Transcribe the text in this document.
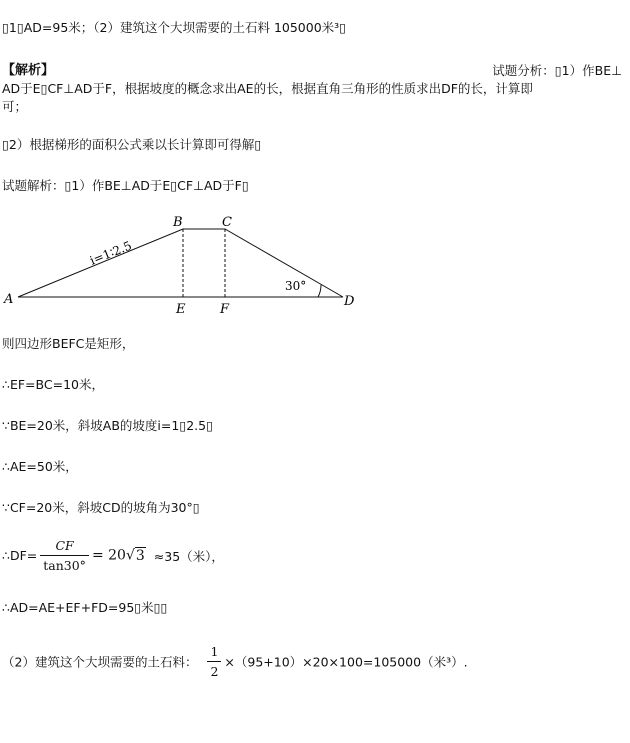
▯1▯AD=95米；（2）建筑这个大坝需要的土石料 105000米³▯
【解析】	试题分析：▯1）作BE⊥
AD于E▯CF⊥AD于F，根据坡度的概念求出AE的长，根据直角三角形的性质求出DF的长，计算即
可；
▯2）根据梯形的面积公式乘以长计算即可得解▯
试题解析：▯1）作BE⊥AD于E▯CF⊥AD于F▯
A
B	C
D
E	F
i=1∶2.5
30°
则四边形BEFC是矩形，
∴EF=BC=10米，
∵BE=20米，斜坡AB的坡度i=1▯2.5▯
∴AE=50米，
∵CF=20米，斜坡CD的坡角为30°▯
∴DF= $\frac{CF}{\tan 30^\circ} = 20√3 \approx 35$（米），
∴AD=AE+EF+FD=95▯米▯▯
（2）建筑这个大坝需要的土石料： $\frac{1}{2} \times(95+10)\times 20\times 100=105000$（米³）.
